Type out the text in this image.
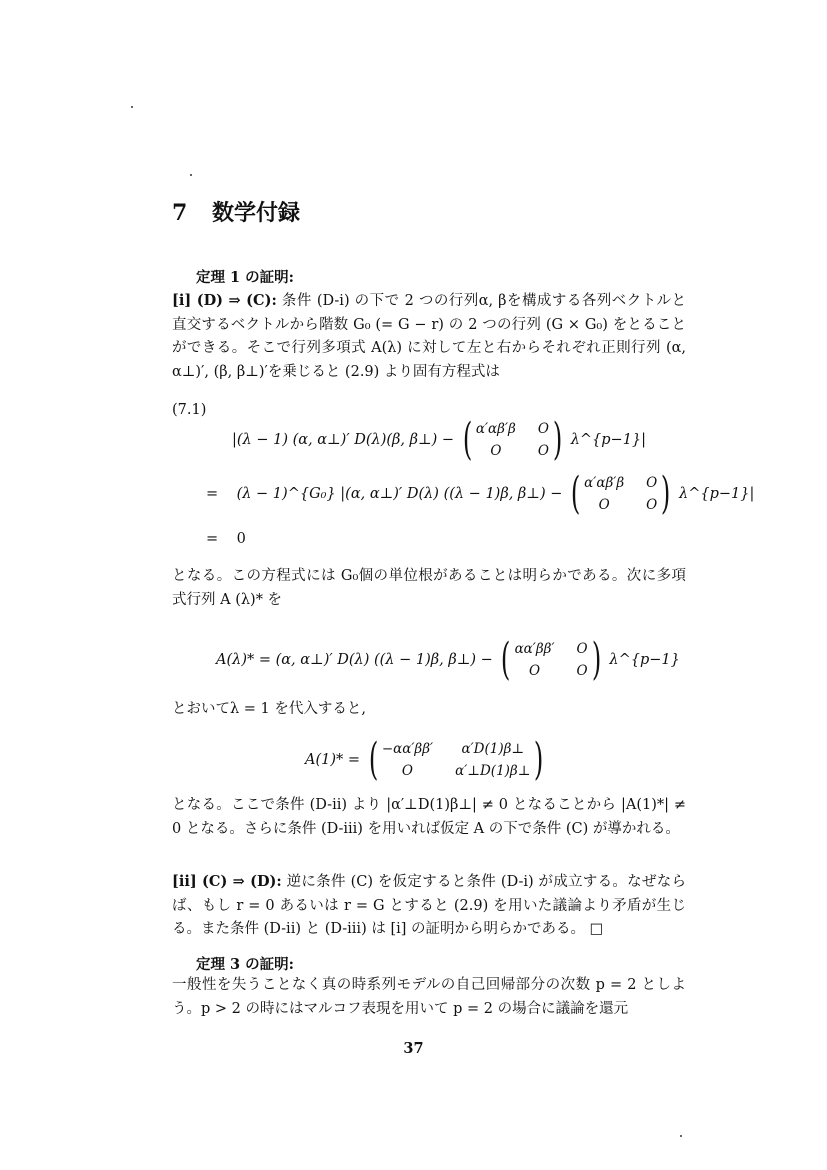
7 数学付録
定理 1 の証明:
[i] (D) ⇒ (C): 条件 (D-i) の下で 2 つの行列α, βを構成する各列ベクトルと直交するベクトルから階数 G₀ (= G − r) の 2 つの行列 (G × G₀) をとることができる。そこで行列多項式 A(λ) に対して左と右からそれぞれ正則行列 (α, α⊥)′, (β, β⊥)′を乗じると (2.9) より固有方程式は
(7.1)
|(λ − 1) (α, α⊥)′ D(λ)(β, β⊥) − ( α′αβ′β O
O	O ) λ^{p−1}|
= (λ − 1)^{G₀} |(α, α⊥)′ D(λ) ((λ − 1)β, β⊥) − ( α′αβ′β O
O	O ) λ^{p−1}|
= 0
となる。この方程式には G₀個の単位根があることは明らかである。次に多項式行列 A (λ)* を
A(λ)* = (α, α⊥)′ D(λ) ((λ − 1)β, β⊥) − ( αα′ββ′ O
O	O ) λ^{p−1}
とおいてλ = 1 を代入すると,
A(1)* = ( −αα′ββ′	α′D(1)β⊥
O	α′⊥D(1)β⊥ )
となる。ここで条件 (D-ii) より |α′⊥D(1)β⊥| ≠ 0 となることから |A(1)*| ≠ 0 となる。さらに条件 (D-iii) を用いれば仮定 A の下で条件 (C) が導かれる。
[ii] (C) ⇒ (D): 逆に条件 (C) を仮定すると条件 (D-i) が成立する。なぜならば、もし r = 0 あるいは r = G とすると (2.9) を用いた議論より矛盾が生じる。また条件 (D-ii) と (D-iii) は [i] の証明から明らかである。 □
定理 3 の証明:
一般性を失うことなく真の時系列モデルの自己回帰部分の次数 p = 2 としよう。p > 2 の時にはマルコフ表現を用いて p = 2 の場合に議論を還元
37
